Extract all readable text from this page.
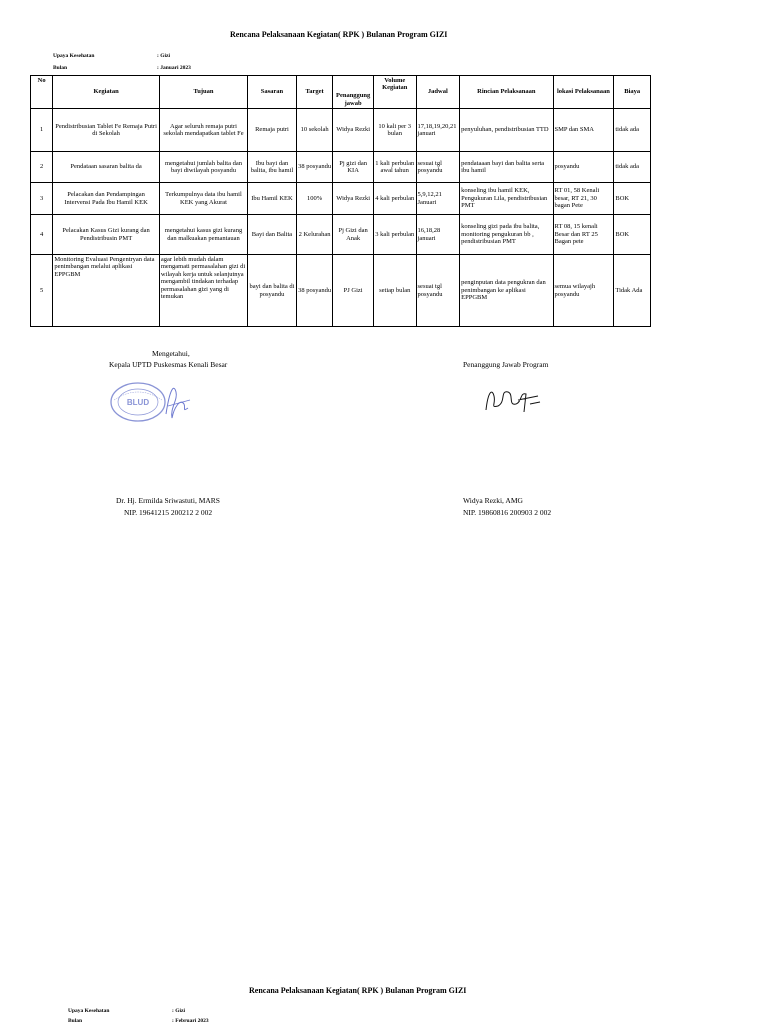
Rencana Pelaksanaan Kegiatan( RPK ) Bulanan Program GIZI
Upaya Kesehatan	: Gizi
Bulan	: Januari 2023
No	Kegiatan	Tujuan	Sasaran	Target	Penanggung jawab	Volume Kegiatan	Jadwal	Rincian Pelaksanaan	lokasi Pelaksanaan	Biaya
1	Pendistribusian Tablet Fe Remaja Putri di Sekolah	Agar seluruh remaja putri sekolah mendapatkan tablet Fe	Remaja putri	10 sekolah	Widya Rezki	10 kali per 3 bulan	17,18,19,20,21 januari	penyuluhan, pendistribusian TTD	SMP dan SMA	tidak ada
2	Pendataan sasaran balita da	mengetahui jumlah balita dan bayi diwilayah posyandu	Ibu bayi dan balita, ibu hamil	38 posyandu	Pj gizi dan KIA	1 kali perbulan awal tahun	sesuai tgl posyandu	pendataaan bayi dan balita serta ibu hamil	posyandu	tidak ada
3	Pelacakan dan Pendampingan Intervensi Pada Ibu Hamil KEK	Terkumpulnya data ibu hamil KEK yang Akurat	Ibu Hamil KEK	100%	Widya Rezki	4 kali perbulan	5,9,12,21 Januari	konseling ibu hamil KEK, Pengukuran Lila, pendistribusian PMT	RT 01, 58 Kenali besar, RT 21, 30 bagan Pete	BOK
4	Pelacakan Kasus Gizi kurang dan Pendistribusin PMT	mengetahui kasus gizi kurang dan malkuakan pemantauan	Bayi dan Balita	2 Kelurahan	Pj Gizi dan Anak	3 kali perbulan	16,18,28 januari	konseling gizi pada ibu balita, monitoring pengukuran bb , pendistribusian PMT	RT 08, 15 kenali Besar dan RT 25 Bagan pete	BOK
5	Monitoring Evaluasi Pengentryan data penimbangan melalui aplikasi EPPGBM	agar lebih mudah dalam mengamati permasalahan gizi di wilayah kerja untuk selanjutnya mengambil tindakan terhadap permasalahan gizi yang di temukan	bayi dan balita di posyandu	38 posyandu	PJ Gizi	setiap bulan	sesuai tgl posyandu	penginputan data pengukran dan penimbangan ke aplikasi EPPGBM	semua wilayajh posyandu	Tidak Ada
Mengetahui,
Kepala UPTD Puskesmas Kenali Besar
BLUD
Dr. Hj. Ermilda Sriwastuti, MARS
NIP. 19641215 200212 2 002
Penanggung Jawab Program
Widya Rezki, AMG
NIP. 19860816 200903 2 002
Rencana Pelaksanaan Kegiatan( RPK ) Bulanan Program GIZI
Upaya Kesehatan	: Gizi
Bulan	: Februari 2023
